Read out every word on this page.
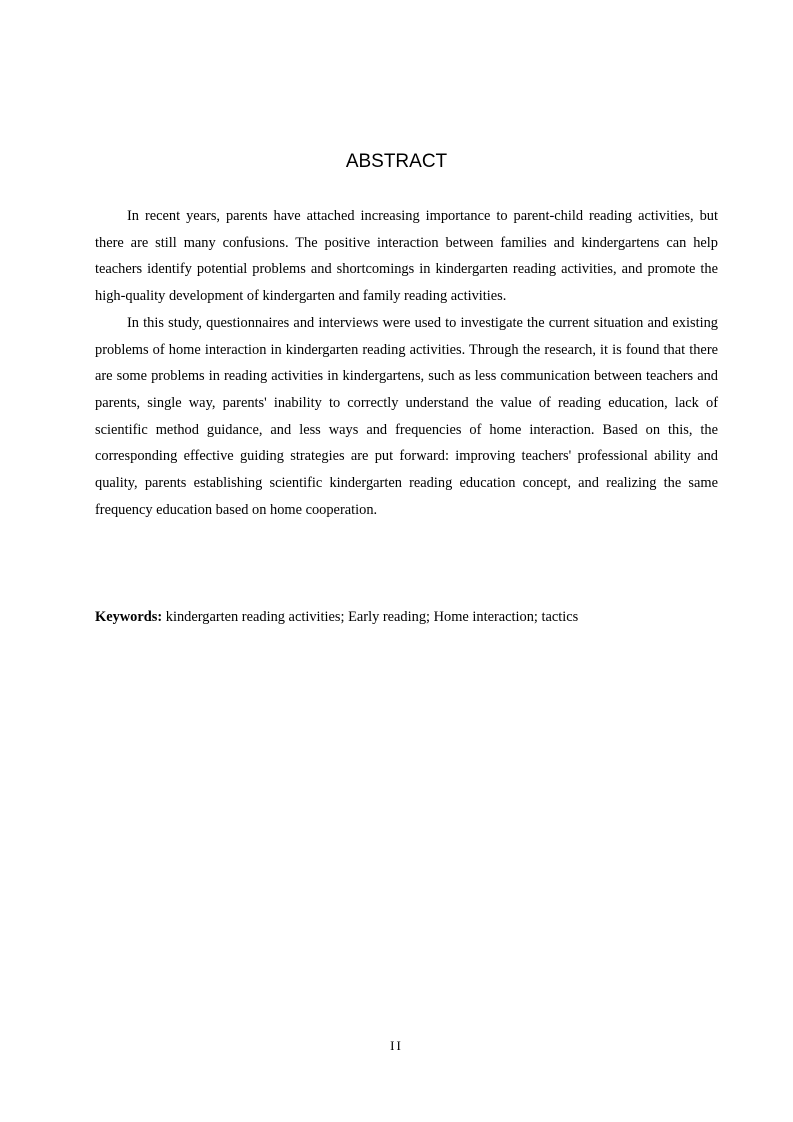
ABSTRACT

In recent years, parents have attached increasing importance to parent-child reading activities, but there are still many confusions. The positive interaction between families and kindergartens can help teachers identify potential problems and shortcomings in kindergarten reading activities, and promote the high-quality development of kindergarten and family reading activities.

In this study, questionnaires and interviews were used to investigate the current situation and existing problems of home interaction in kindergarten reading activities. Through the research, it is found that there are some problems in reading activities in kindergartens, such as less communication between teachers and parents, single way, parents' inability to correctly understand the value of reading education, lack of scientific method guidance, and less ways and frequencies of home interaction. Based on this, the corresponding effective guiding strategies are put forward: improving teachers' professional ability and quality, parents establishing scientific kindergarten reading education concept, and realizing the same frequency education based on home cooperation.

Keywords: kindergarten reading activities; Early reading; Home interaction; tactics

II
